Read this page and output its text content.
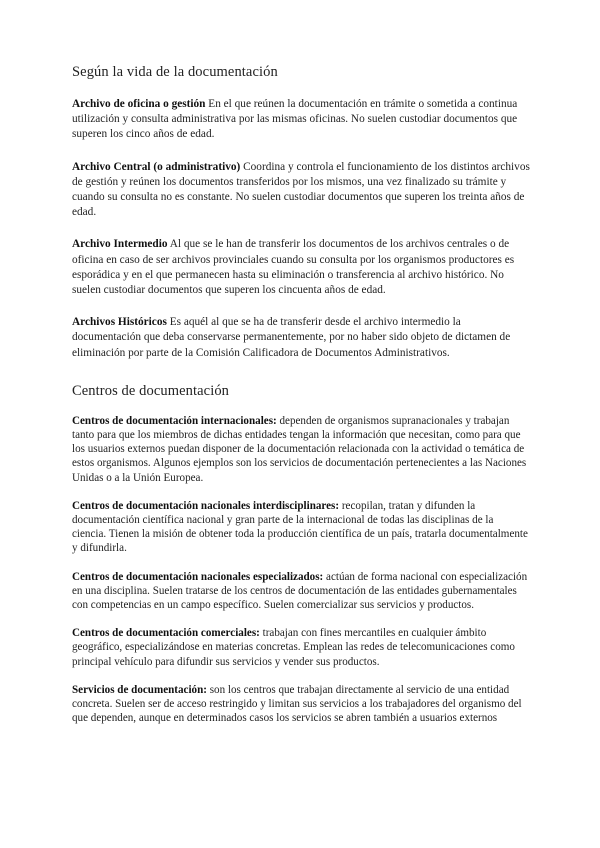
Según la vida de la documentación

Archivo de oficina o gestión En el que reúnen la documentación en trámite o sometida a continua utilización y consulta administrativa por las mismas oficinas. No suelen custodiar documentos que superen los cinco años de edad.

Archivo Central (o administrativo) Coordina y controla el funcionamiento de los distintos archivos de gestión y reúnen los documentos transferidos por los mismos, una vez finalizado su trámite y cuando su consulta no es constante. No suelen custodiar documentos que superen los treinta años de edad.

Archivo Intermedio Al que se le han de transferir los documentos de los archivos centrales o de oficina en caso de ser archivos provinciales cuando su consulta por los organismos productores es esporádica y en el que permanecen hasta su eliminación o transferencia al archivo histórico. No suelen custodiar documentos que superen los cincuenta años de edad.

Archivos Históricos Es aquél al que se ha de transferir desde el archivo intermedio la documentación que deba conservarse permanentemente, por no haber sido objeto de dictamen de eliminación por parte de la Comisión Calificadora de Documentos Administrativos.

Centros de documentación

Centros de documentación internacionales: dependen de organismos supranacionales y trabajan tanto para que los miembros de dichas entidades tengan la información que necesitan, como para que los usuarios externos puedan disponer de la documentación relacionada con la actividad o temática de estos organismos. Algunos ejemplos son los servicios de documentación pertenecientes a las Naciones Unidas o a la Unión Europea.

Centros de documentación nacionales interdisciplinares: recopilan, tratan y difunden la documentación científica nacional y gran parte de la internacional de todas las disciplinas de la ciencia. Tienen la misión de obtener toda la producción científica de un país, tratarla documentalmente y difundirla.

Centros de documentación nacionales especializados: actúan de forma nacional con especialización en una disciplina. Suelen tratarse de los centros de documentación de las entidades gubernamentales con competencias en un campo específico. Suelen comercializar sus servicios y productos.

Centros de documentación comerciales: trabajan con fines mercantiles en cualquier ámbito geográfico, especializándose en materias concretas. Emplean las redes de telecomunicaciones como principal vehículo para difundir sus servicios y vender sus productos.

Servicios de documentación: son los centros que trabajan directamente al servicio de una entidad concreta. Suelen ser de acceso restringido y limitan sus servicios a los trabajadores del organismo del que dependen, aunque en determinados casos los servicios se abren también a usuarios externos
